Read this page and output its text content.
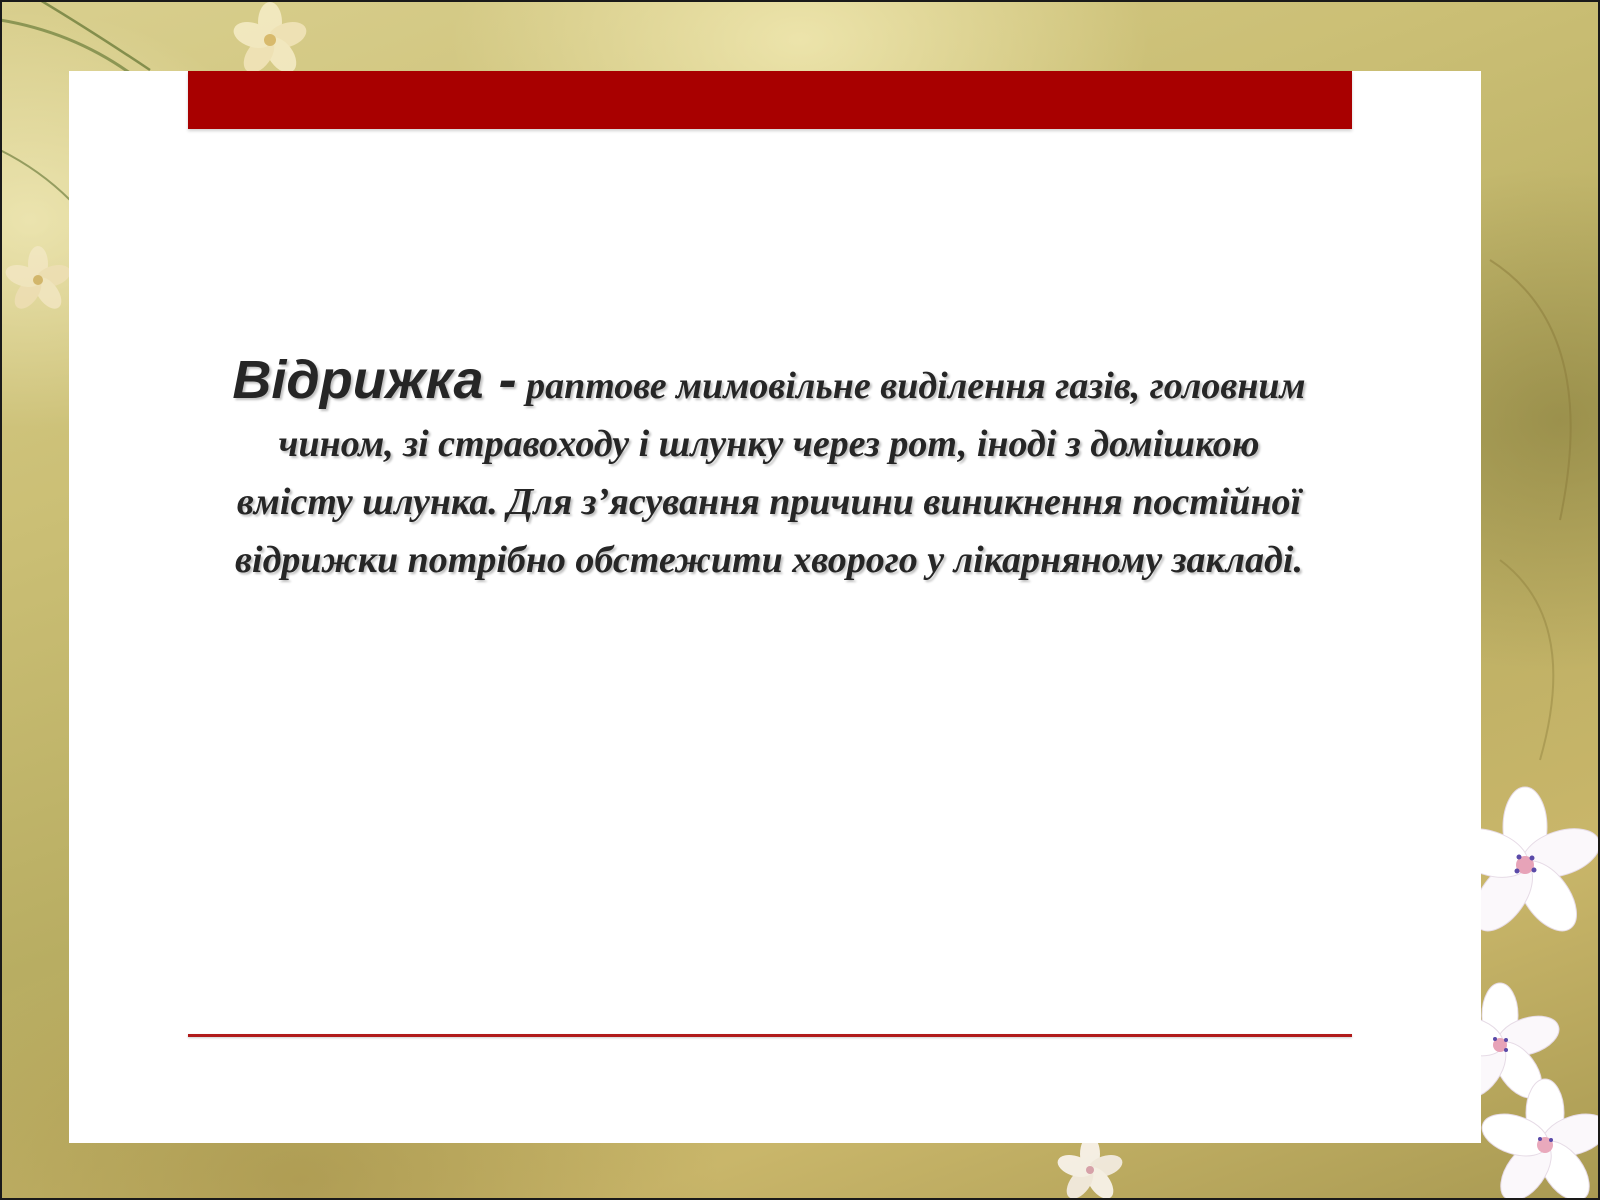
Відрижка - раптове мимовільне виділення газів, головним чином, зі стравоходу і шлунку через рот, іноді з домішкою вмісту шлунка. Для з’ясування причини виникнення постійної відрижки потрібно обстежити хворого у лікарняному закладі.
